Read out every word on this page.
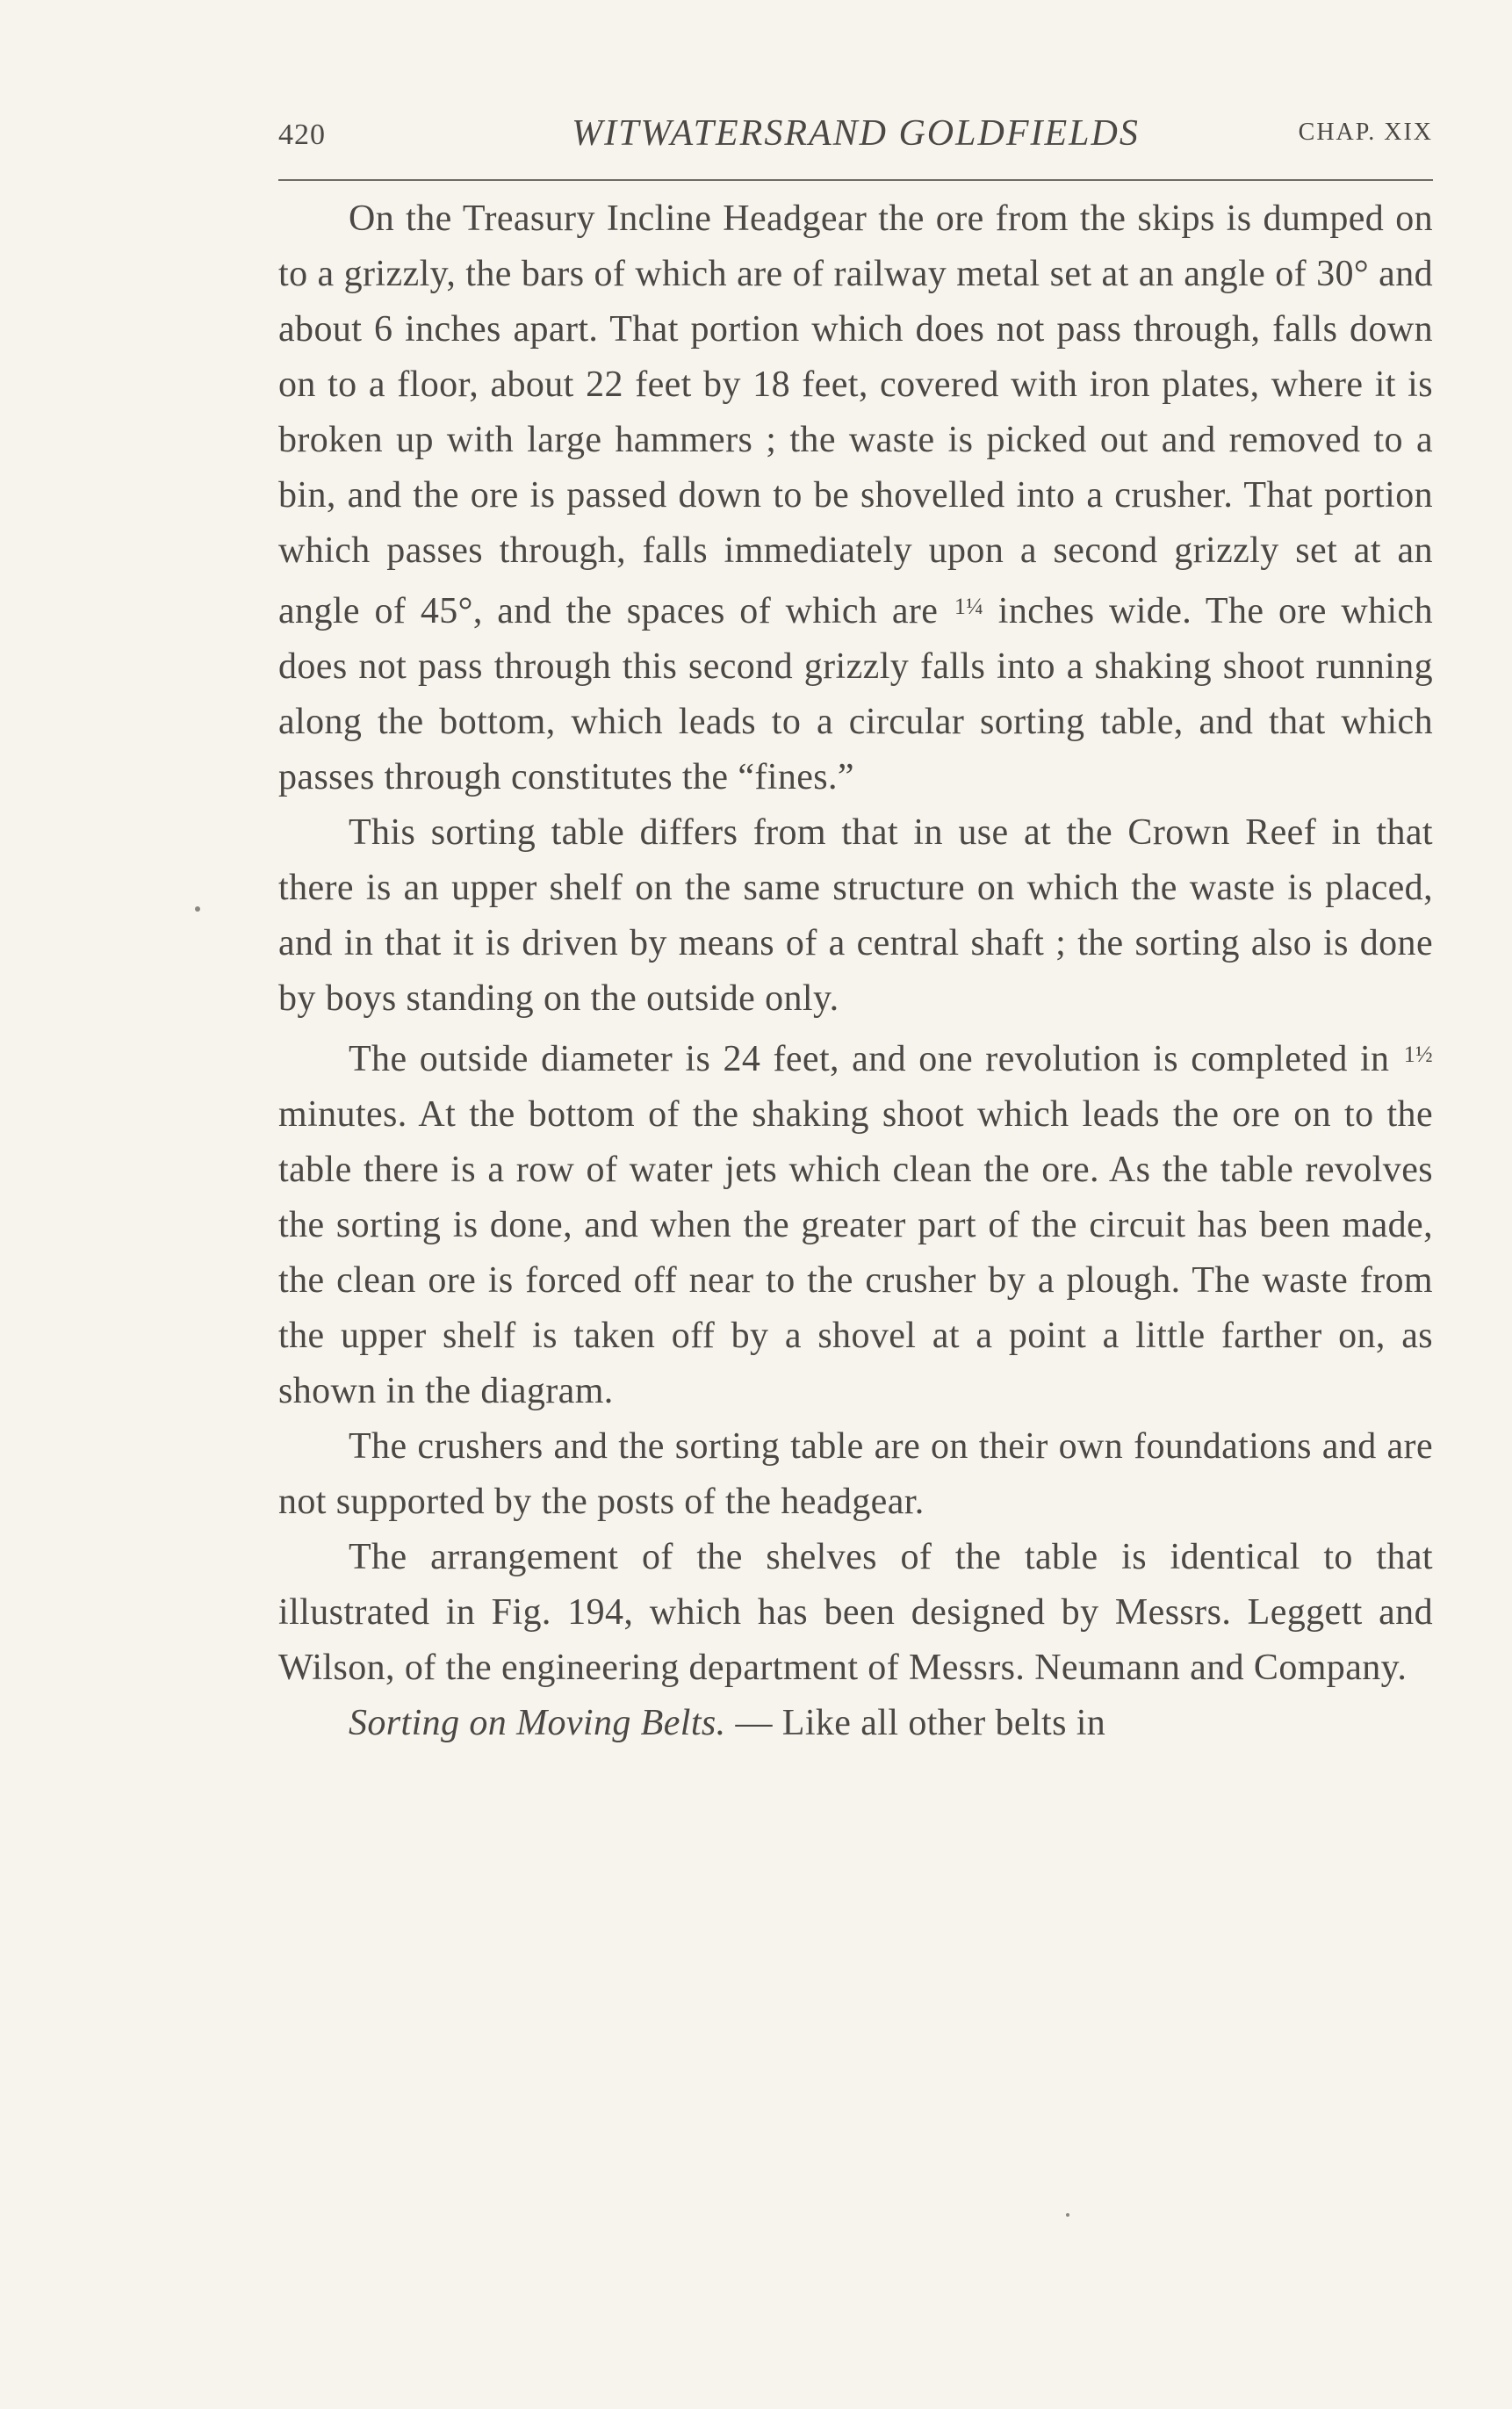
420	WITWATERSRAND GOLDFIELDS	CHAP. XIX

On the Treasury Incline Headgear the ore from the skips is dumped on to a grizzly, the bars of which are of railway metal set at an angle of 30° and about 6 inches apart. That portion which does not pass through, falls down on to a floor, about 22 feet by 18 feet, covered with iron plates, where it is broken up with large hammers ; the waste is picked out and removed to a bin, and the ore is passed down to be shovelled into a crusher. That portion which passes through, falls immediately upon a second grizzly set at an angle of 45°, and the spaces of which are $^{1\frac{1}{4}}$ inches wide. The ore which does not pass through this second grizzly falls into a shaking shoot running along the bottom, which leads to a circular sorting table, and that which passes through constitutes the “fines.”

This sorting table differs from that in use at the Crown Reef in that there is an upper shelf on the same structure on which the waste is placed, and in that it is driven by means of a central shaft ; the sorting also is done by boys standing on the outside only.

The outside diameter is 24 feet, and one revolution is completed in $^{1\frac{1}{2}}$ minutes. At the bottom of the shaking shoot which leads the ore on to the table there is a row of water jets which clean the ore. As the table revolves the sorting is done, and when the greater part of the circuit has been made, the clean ore is forced off near to the crusher by a plough. The waste from the upper shelf is taken off by a shovel at a point a little farther on, as shown in the diagram.

The crushers and the sorting table are on their own foundations and are not supported by the posts of the headgear.

The arrangement of the shelves of the table is identical to that illustrated in Fig. 194, which has been designed by Messrs. Leggett and Wilson, of the engineering department of Messrs. Neumann and Company.

Sorting on Moving Belts. — Like all other belts in
